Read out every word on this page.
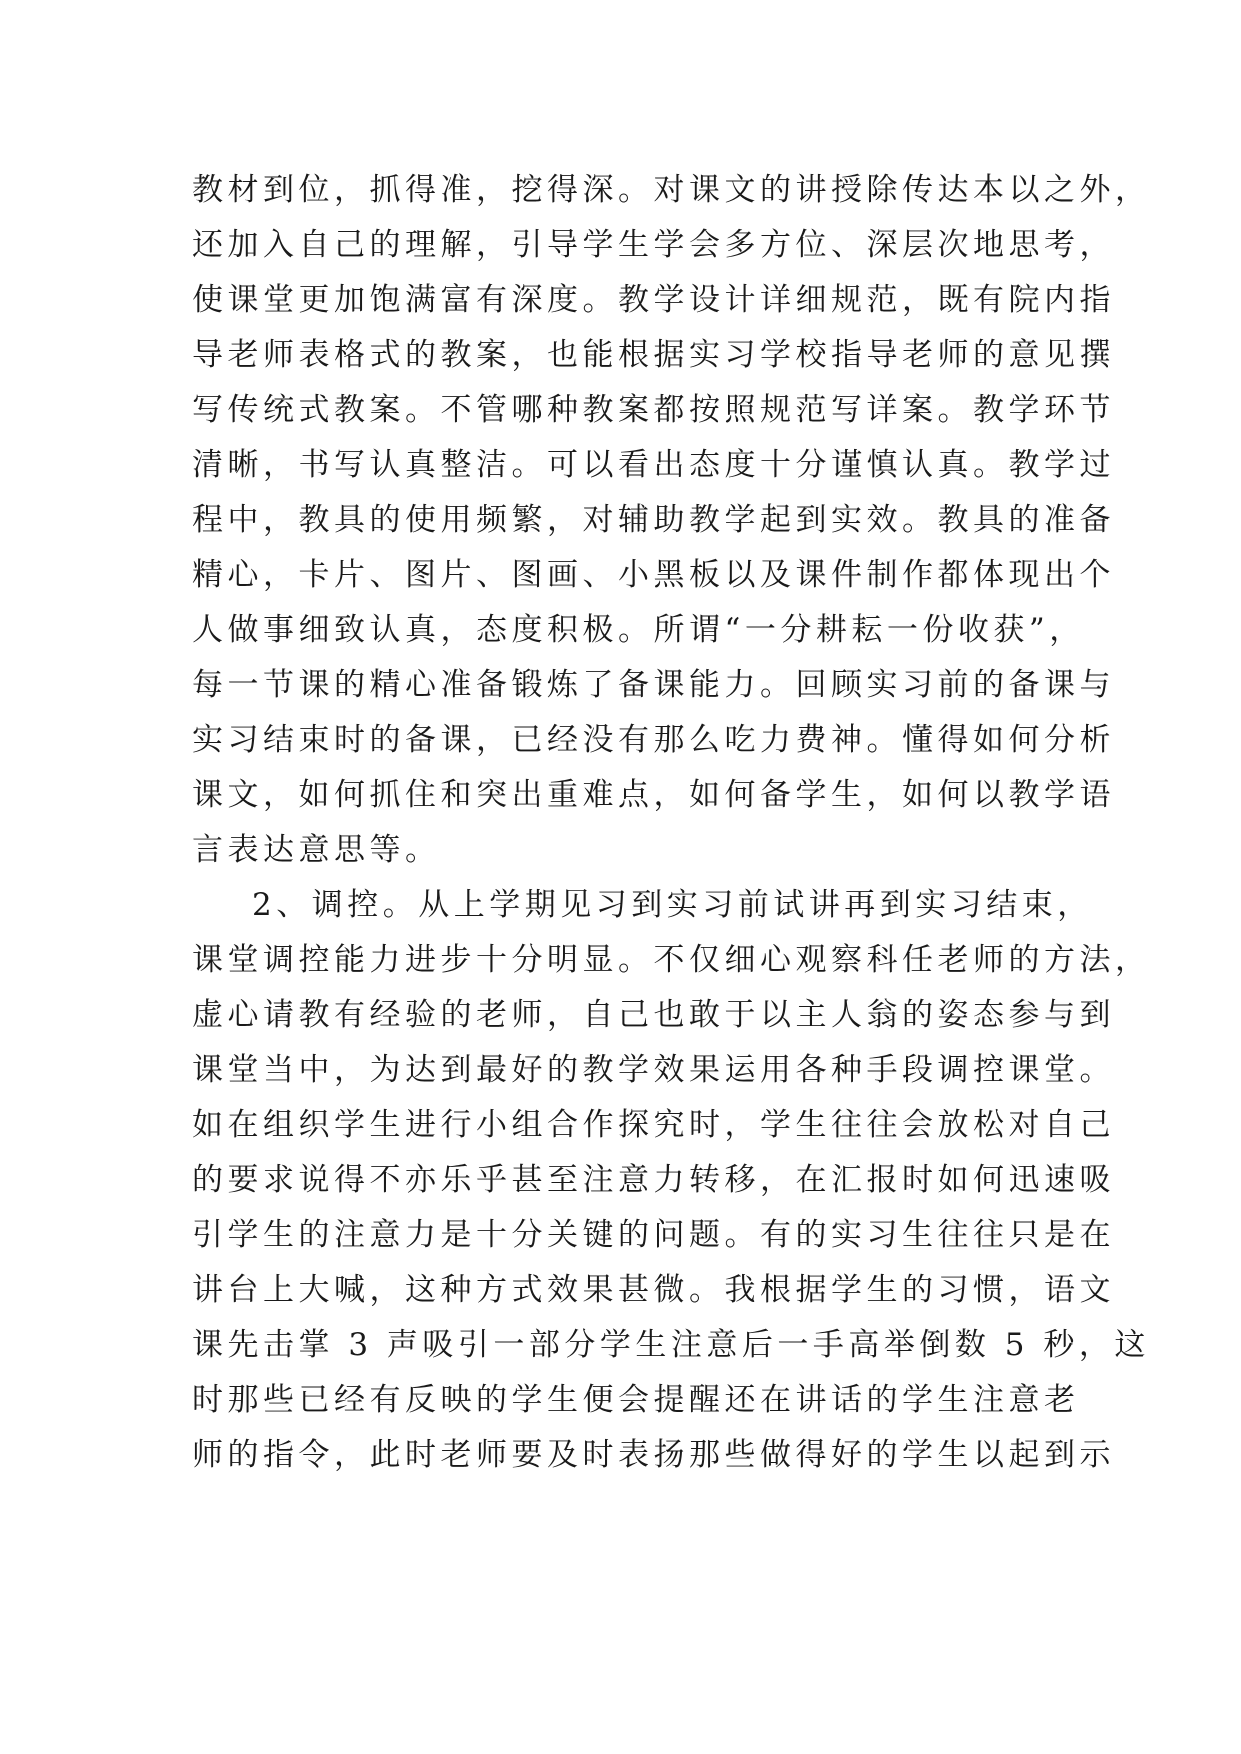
教材到位，抓得准，挖得深。对课文的讲授除传达本以之外，
还加入自己的理解，引导学生学会多方位、深层次地思考，
使课堂更加饱满富有深度。教学设计详细规范，既有院内指
导老师表格式的教案，也能根据实习学校指导老师的意见撰
写传统式教案。不管哪种教案都按照规范写详案。教学环节
清晰，书写认真整洁。可以看出态度十分谨慎认真。教学过
程中，教具的使用频繁，对辅助教学起到实效。教具的准备
精心，卡片、图片、图画、小黑板以及课件制作都体现出个
人做事细致认真，态度积极。所谓“一分耕耘一份收获”，
每一节课的精心准备锻炼了备课能力。回顾实习前的备课与
实习结束时的备课，已经没有那么吃力费神。懂得如何分析
课文，如何抓住和突出重难点，如何备学生，如何以教学语
言表达意思等。
2、调控。从上学期见习到实习前试讲再到实习结束，
课堂调控能力进步十分明显。不仅细心观察科任老师的方法，
虚心请教有经验的老师，自己也敢于以主人翁的姿态参与到
课堂当中，为达到最好的教学效果运用各种手段调控课堂。
如在组织学生进行小组合作探究时，学生往往会放松对自己
的要求说得不亦乐乎甚至注意力转移，在汇报时如何迅速吸
引学生的注意力是十分关键的问题。有的实习生往往只是在
讲台上大喊，这种方式效果甚微。我根据学生的习惯，语文
课先击掌 3 声吸引一部分学生注意后一手高举倒数 5 秒，这
时那些已经有反映的学生便会提醒还在讲话的学生注意老
师的指令，此时老师要及时表扬那些做得好的学生以起到示
